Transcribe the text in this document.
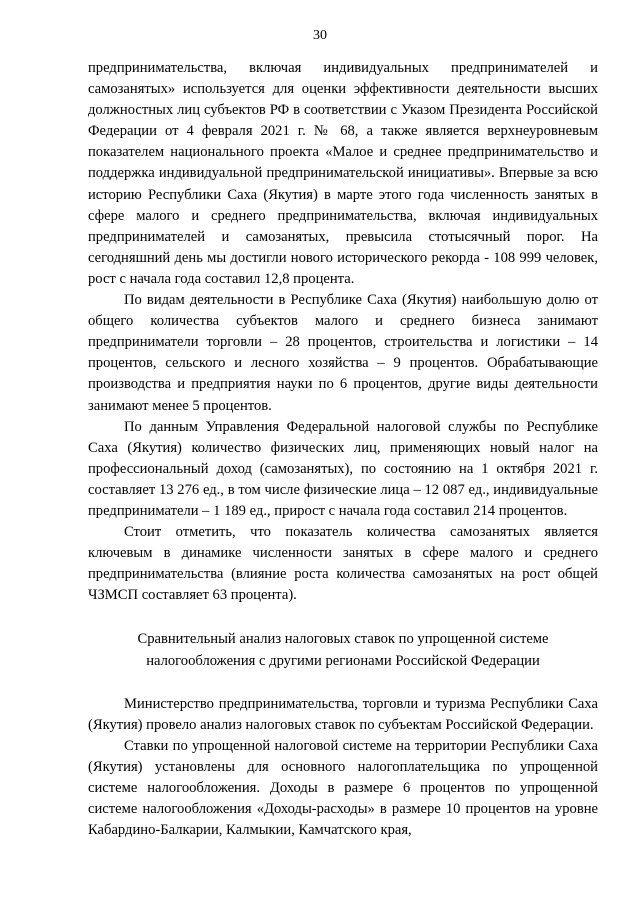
30

предпринимательства, включая индивидуальных предпринимателей и самозанятых» используется для оценки эффективности деятельности высших должностных лиц субъектов РФ в соответствии с Указом Президента Российской Федерации от 4 февраля 2021 г. № 68, а также является верхнеуровневым показателем национального проекта «Малое и среднее предпринимательство и поддержка индивидуальной предпринимательской инициативы». Впервые за всю историю Республики Саха (Якутия) в марте этого года численность занятых в сфере малого и среднего предпринимательства, включая индивидуальных предпринимателей и самозанятых, превысила стотысячный порог. На сегодняшний день мы достигли нового исторического рекорда - 108 999 человек, рост с начала года составил 12,8 процента.

По видам деятельности в Республике Саха (Якутия) наибольшую долю от общего количества субъектов малого и среднего бизнеса занимают предприниматели торговли – 28 процентов, строительства и логистики – 14 процентов, сельского и лесного хозяйства – 9 процентов. Обрабатывающие производства и предприятия науки по 6 процентов, другие виды деятельности занимают менее 5 процентов.

По данным Управления Федеральной налоговой службы по Республике Саха (Якутия) количество физических лиц, применяющих новый налог на профессиональный доход (самозанятых), по состоянию на 1 октября 2021 г. составляет 13 276 ед., в том числе физические лица – 12 087 ед., индивидуальные предприниматели – 1 189 ед., прирост с начала года составил 214 процентов.

Стоит отметить, что показатель количества самозанятых является ключевым в динамике численности занятых в сфере малого и среднего предпринимательства (влияние роста количества самозанятых на рост общей ЧЗМСП составляет 63 процента).

Сравнительный анализ налоговых ставок по упрощенной системе
налогообложения с другими регионами Российской Федерации

Министерство предпринимательства, торговли и туризма Республики Саха (Якутия) провело анализ налоговых ставок по субъектам Российской Федерации.

Ставки по упрощенной налоговой системе на территории Республики Саха (Якутия) установлены для основного налогоплательщика по упрощенной системе налогообложения. Доходы в размере 6 процентов по упрощенной системе налогообложения «Доходы-расходы» в размере 10 процентов на уровне Кабардино-Балкарии, Калмыкии, Камчатского края,
